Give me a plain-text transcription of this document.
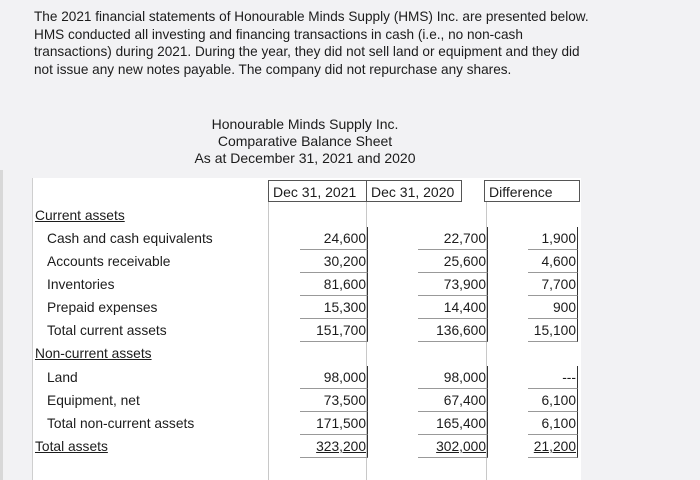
The 2021 financial statements of Honourable Minds Supply (HMS) Inc. are presented below. HMS conducted all investing and financing transactions in cash (i.e., no non-cash transactions) during 2021. During the year, they did not sell land or equipment and they did not issue any new notes payable. The company did not repurchase any shares.
Honourable Minds Supply Inc.
Comparative Balance Sheet
As at December 31, 2021 and 2020
Dec 31, 2021	Dec 31, 2020	Difference
Current assets
Cash and cash equivalents	24,600	22,700	1,900
Accounts receivable	30,200	25,600	4,600
Inventories	81,600	73,900	7,700
Prepaid expenses	15,300	14,400	900
Total current assets	151,700	136,600	15,100
Non-current assets
Land	98,000	98,000	---
Equipment, net	73,500	67,400	6,100
Total non-current assets	171,500	165,400	6,100
Total assets	323,200	302,000	21,200
